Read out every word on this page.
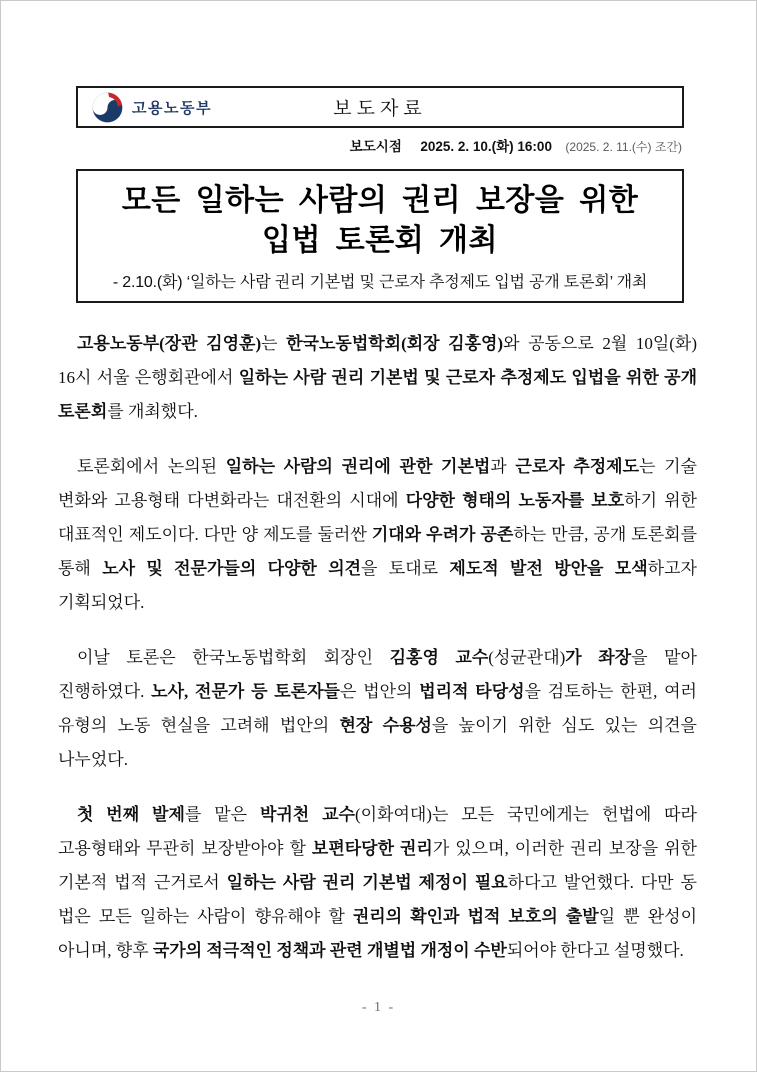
고용노동부	보도자료
보도시점 2025. 2. 10.(화) 16:00 (2025. 2. 11.(수) 조간)
모든 일하는 사람의 권리 보장을 위한
입법 토론회 개최
- 2.10.(화) ‘일하는 사람 권리 기본법 및 근로자 추정제도 입법 공개 토론회’ 개최

고용노동부(장관 김영훈)는 한국노동법학회(회장 김홍영)와 공동으로 2월 10일(화) 16시 서울 은행회관에서 일하는 사람 권리 기본법 및 근로자 추정제도 입법을 위한 공개 토론회를 개최했다.

토론회에서 논의된 일하는 사람의 권리에 관한 기본법과 근로자 추정제도는 기술 변화와 고용형태 다변화라는 대전환의 시대에 다양한 형태의 노동자를 보호하기 위한 대표적인 제도이다. 다만 양 제도를 둘러싼 기대와 우려가 공존하는 만큼, 공개 토론회를 통해 노사 및 전문가들의 다양한 의견을 토대로 제도적 발전 방안을 모색하고자 기획되었다.

이날 토론은 한국노동법학회 회장인 김홍영 교수(성균관대)가 좌장을 맡아 진행하였다. 노사, 전문가 등 토론자들은 법안의 법리적 타당성을 검토하는 한편, 여러 유형의 노동 현실을 고려해 법안의 현장 수용성을 높이기 위한 심도 있는 의견을 나누었다.

첫 번째 발제를 맡은 박귀천 교수(이화여대)는 모든 국민에게는 헌법에 따라 고용형태와 무관히 보장받아야 할 보편타당한 권리가 있으며, 이러한 권리 보장을 위한 기본적 법적 근거로서 일하는 사람 권리 기본법 제정이 필요하다고 발언했다. 다만 동 법은 모든 일하는 사람이 향유해야 할 권리의 확인과 법적 보호의 출발일 뿐 완성이 아니며, 향후 국가의 적극적인 정책과 관련 개별법 개정이 수반되어야 한다고 설명했다.

- 1 -
